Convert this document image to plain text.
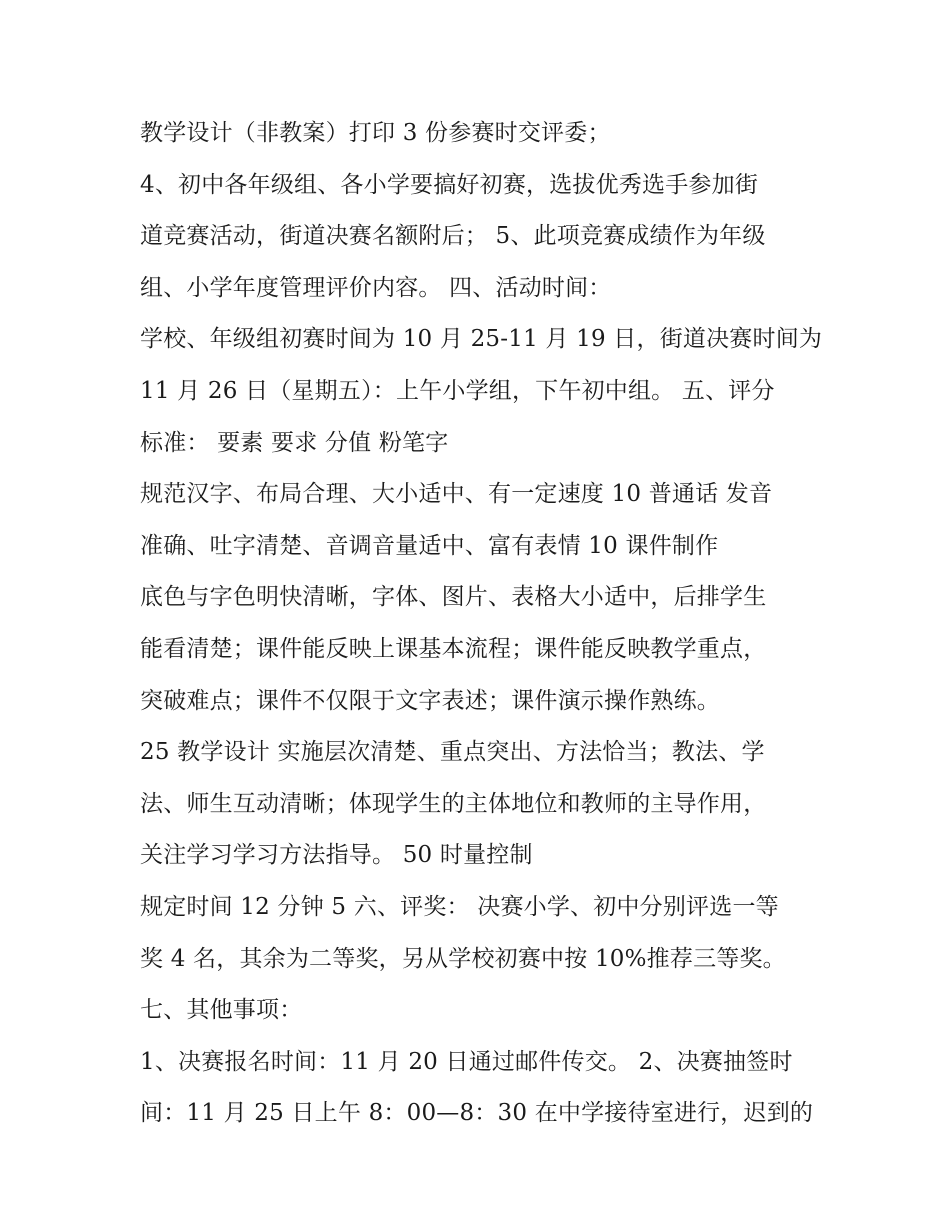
教学设计（非教案）打印 3 份参赛时交评委；
4、初中各年级组、各小学要搞好初赛，选拔优秀选手参加街
道竞赛活动，街道决赛名额附后； 5、此项竞赛成绩作为年级
组、小学年度管理评价内容。 四、活动时间：
学校、年级组初赛时间为 10 月 25-11 月 19 日，街道决赛时间为
11 月 26 日（星期五）：上午小学组，下午初中组。 五、评分
标准： 要素 要求 分值 粉笔字
规范汉字、布局合理、大小适中、有一定速度 10 普通话 发音
准确、吐字清楚、音调音量适中、富有表情 10 课件制作
底色与字色明快清晰，字体、图片、表格大小适中，后排学生
能看清楚；课件能反映上课基本流程；课件能反映教学重点，
突破难点；课件不仅限于文字表述；课件演示操作熟练。
25 教学设计 实施层次清楚、重点突出、方法恰当；教法、学
法、师生互动清晰；体现学生的主体地位和教师的主导作用，
关注学习学习方法指导。 50 时量控制
规定时间 12 分钟 5 六、评奖： 决赛小学、初中分别评选一等
奖 4 名，其余为二等奖，另从学校初赛中按 10%推荐三等奖。
七、其他事项：
1、决赛报名时间：11 月 20 日通过邮件传交。 2、决赛抽签时
间：11 月 25 日上午 8：00—8：30 在中学接待室进行，迟到的
